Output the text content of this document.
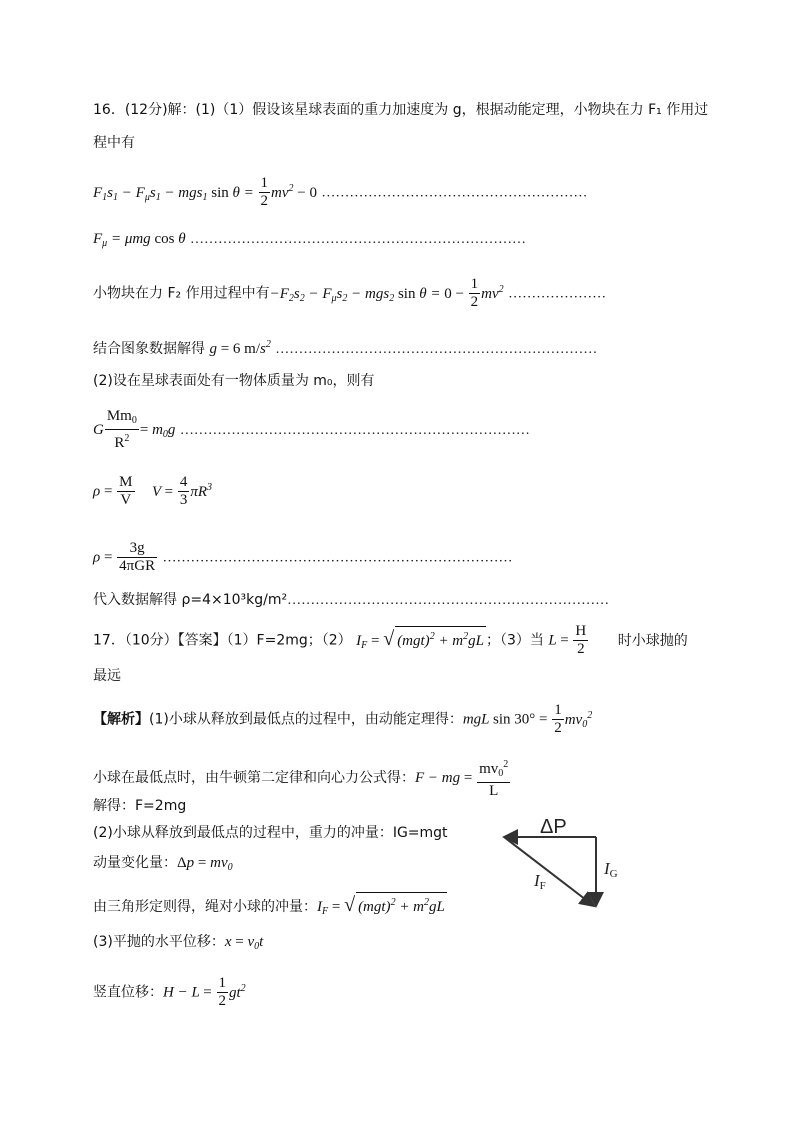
16．(12分)解：(1)（1）假设该星球表面的重力加速度为 g，根据动能定理，小物块在力 F₁ 作用过
程中有
$F_1s_1 - F_\mu s_1 - mgs_1$ $\sin \theta = \frac{1}{2} mv^2 - 0$ …………………………………………………
$F_\mu = \mu mg$ cos θ ………………………………………………………………
小物块在力 F₂ 作用过程中有$-F_2s_2 - F_\mu s_2 - mgs_2$ $\sin \theta = 0 - \frac{1}{2} mv^2$ …………………
结合图象数据解得 g = 6 $m/s^2$ ……………………………………………………………
(2)设在星球表面处有一物体质量为 m₀，则有
G $\frac{Mm_0}{R^2} = m_0g$ …………………………………………………………………
$\rho = \frac{M}{V}$ $V = \frac{4}{3} \pi R^3$
$\rho = \frac{3g}{\text{4πGR}}$ …………………………………………………………………
代入数据解得 ρ=4×10³kg/m²……………………………………………………………
17．（10分）【答案】（1）F=2mg；（2） $I_F$ = √ $(mgt)^2 + m^2gL$ ；（3）当 $L = \frac{H}{2}$ 时小球抛的
最远
【解析】(1)小球从释放到最低点的过程中，由动能定理得：mgL $\sin 30^\circ = \frac{1}{2} mv_0^2$
小球在最低点时，由牛顿第二定律和向心力公式得：F − mg = $\frac{mv_0^2}{L}$
解得：F=2mg
(2)小球从释放到最低点的过程中，重力的冲量：IG=mgt
动量变化量：$\Delta p = mv_0$
由三角形定则得，绳对小球的冲量：$I_F$ = √ $(mgt)^2 + m^2gL$
(3)平抛的水平位移：$x = v_0t$
竖直位移：$H - L = \frac{1}{2} gt^2$
ΔP
IG
IF
